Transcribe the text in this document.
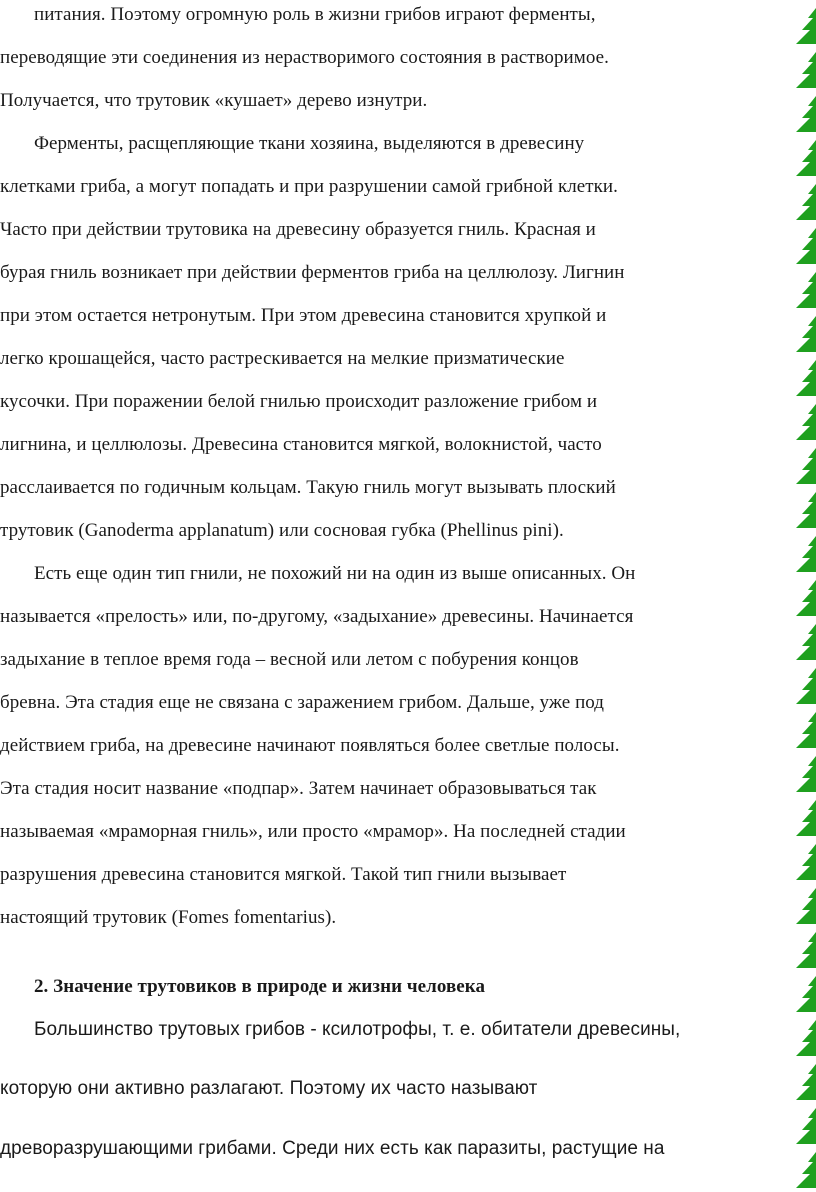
питания. Поэтому огромную роль в жизни грибов играют ферменты,
переводящие эти соединения из нерастворимого состояния в растворимое.
Получается, что трутовик «кушает» дерево изнутри.
Ферменты, расщепляющие ткани хозяина, выделяются в древесину
клетками гриба, а могут попадать и при разрушении самой грибной клетки.
Часто при действии трутовика на древесину образуется гниль. Красная и
бурая гниль возникает при действии ферментов гриба на целлюлозу. Лигнин
при этом остается нетронутым. При этом древесина становится хрупкой и
легко крошащейся, часто растрескивается на мелкие призматические
кусочки. При поражении белой гнилью происходит разложение грибом и
лигнина, и целлюлозы. Древесина становится мягкой, волокнистой, часто
расслаивается по годичным кольцам. Такую гниль могут вызывать плоский
трутовик (Ganoderma applanatum) или сосновая губка (Phellinus pini).
Есть еще один тип гнили, не похожий ни на один из выше описанных. Он
называется «прелость» или, по-другому, «задыхание» древесины. Начинается
задыхание в теплое время года – весной или летом с побурения концов
бревна. Эта стадия еще не связана с заражением грибом. Дальше, уже под
действием гриба, на древесине начинают появляться более светлые полосы.
Эта стадия носит название «подпар». Затем начинает образовываться так
называемая «мраморная гниль», или просто «мрамор». На последней стадии
разрушения древесина становится мягкой. Такой тип гнили вызывает
настоящий трутовик (Fomes fomentarius).
2. Значение трутовиков в природе и жизни человека
Большинство трутовых грибов - ксилотрофы, т. е. обитатели древесины,
которую они активно разлагают. Поэтому их часто называют
древоразрушающими грибами. Среди них есть как паразиты, растущие на
